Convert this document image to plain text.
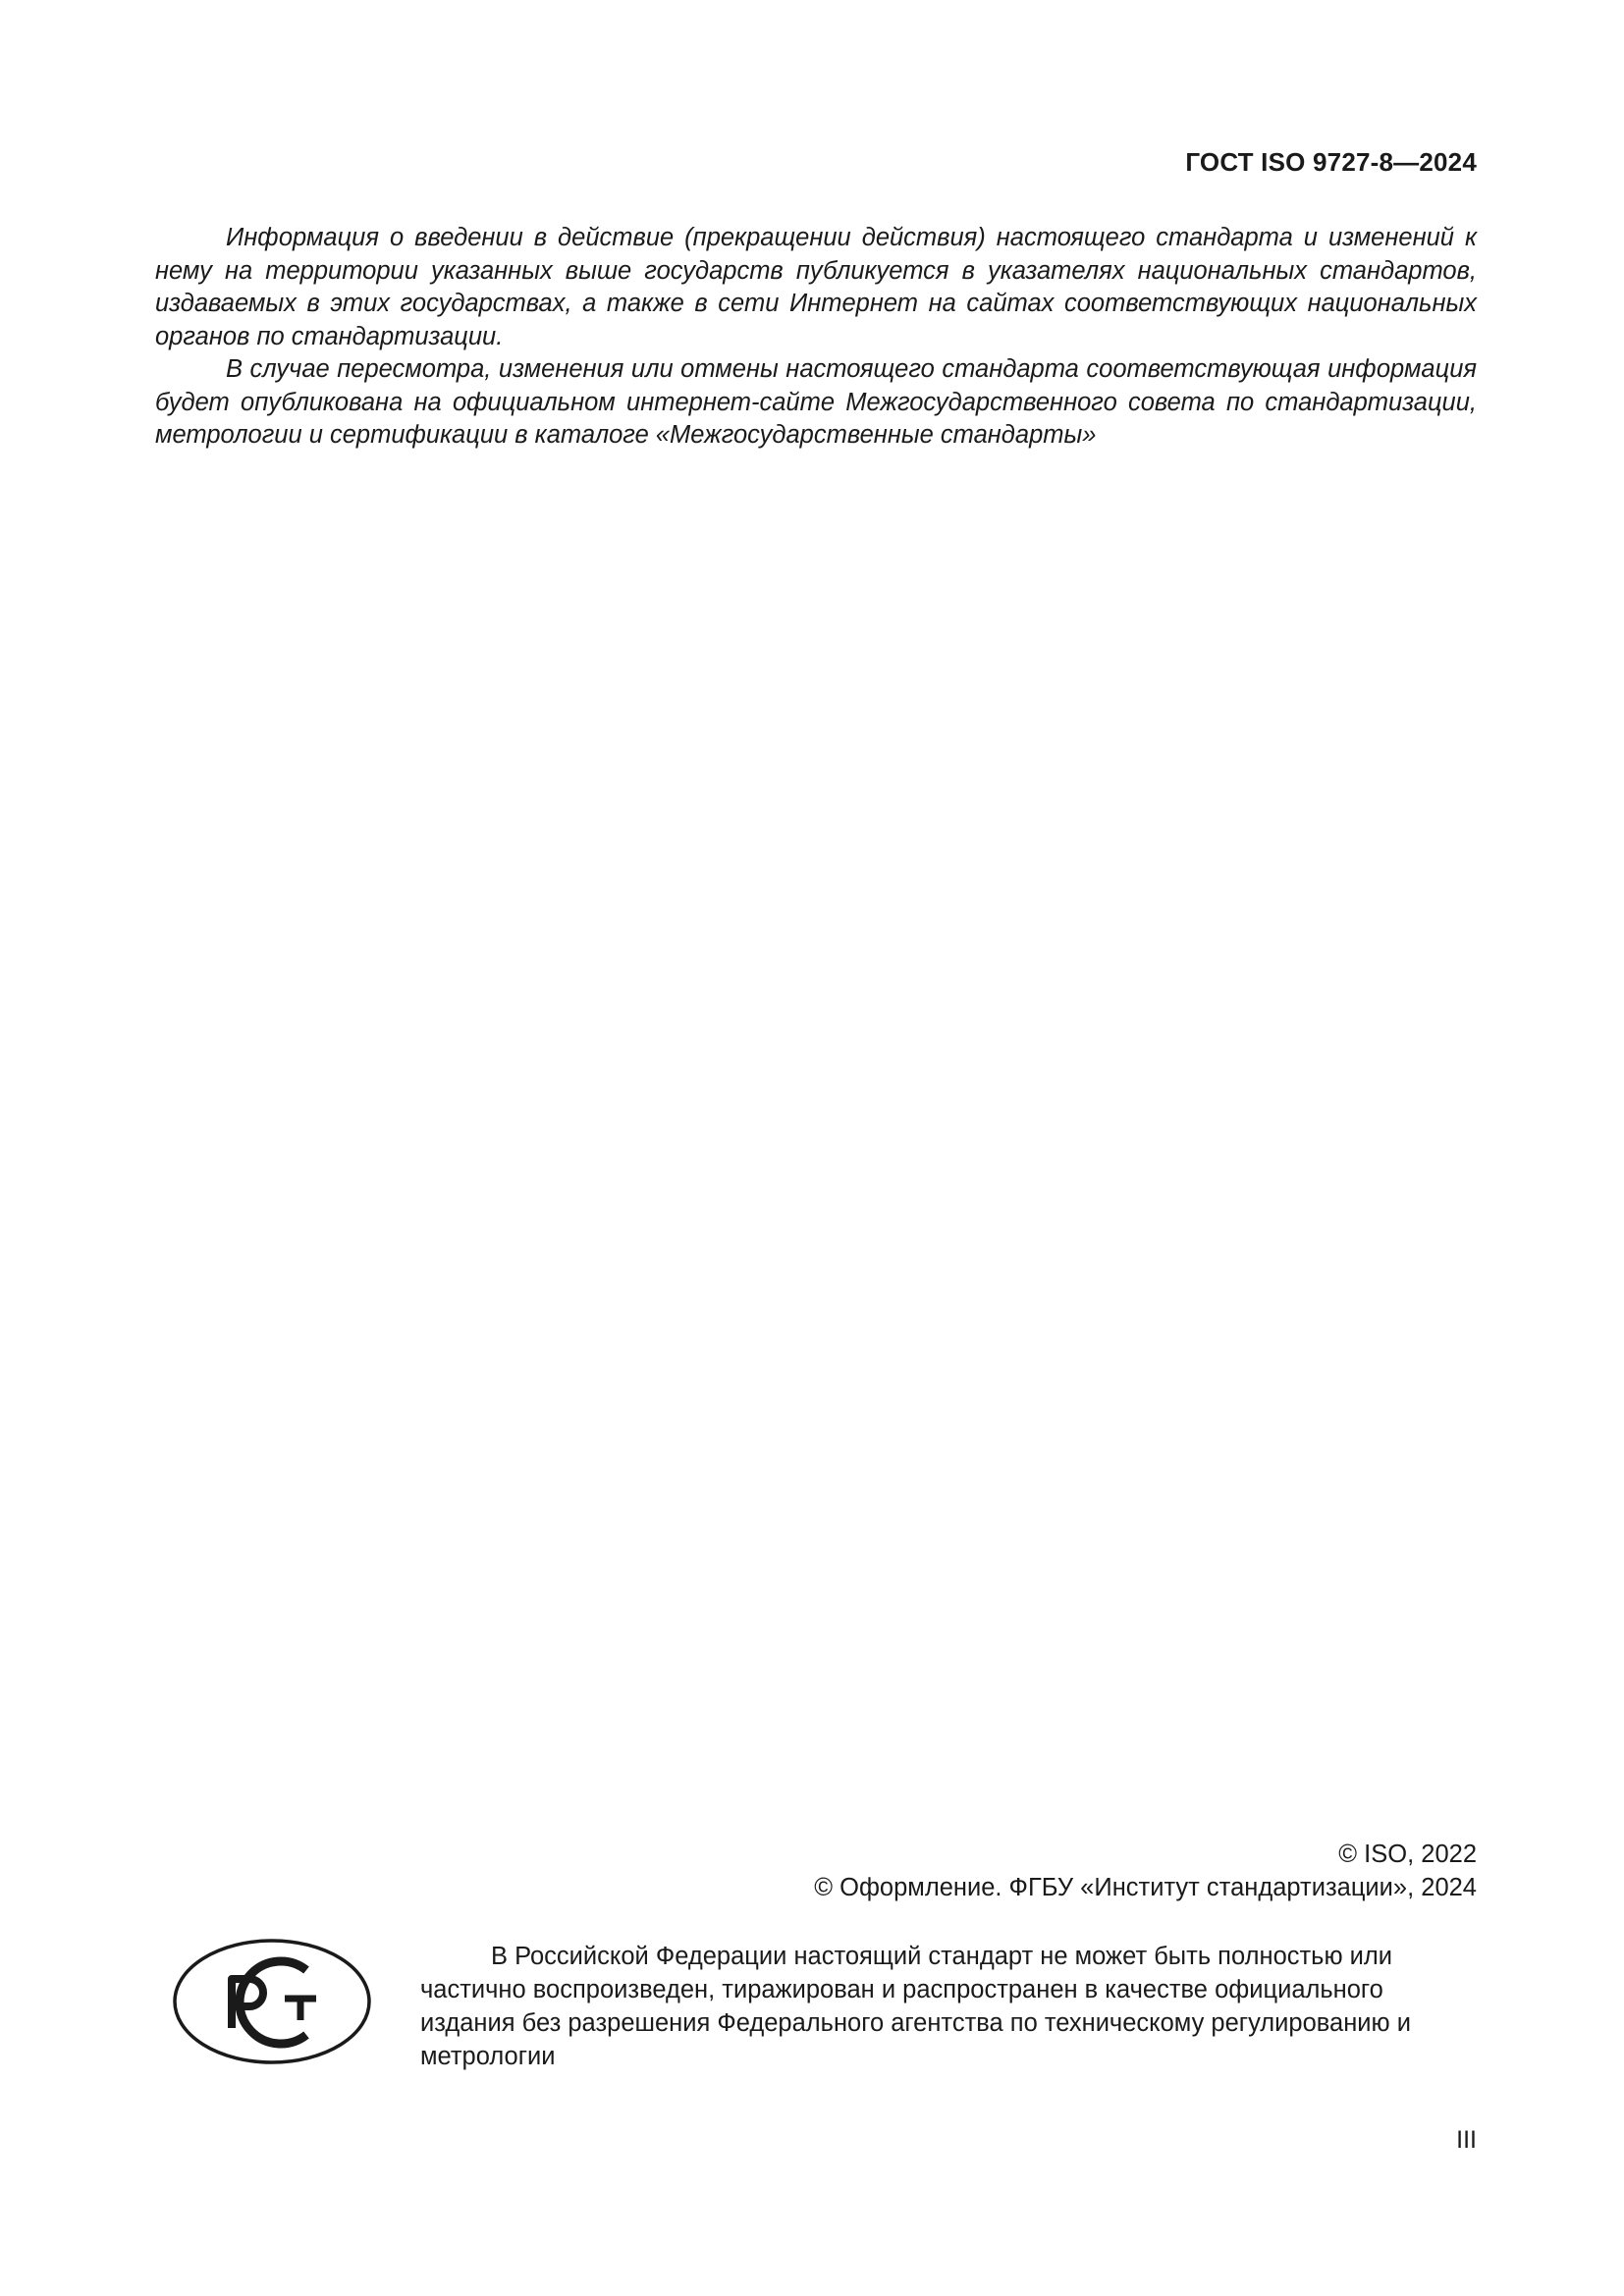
ГОСТ ISO 9727-8—2024

Информация о введении в действие (прекращении действия) настоящего стандарта и изменений к нему на территории указанных выше государств публикуется в указателях национальных стандартов, издаваемых в этих государствах, а также в сети Интернет на сайтах соответствующих национальных органов по стандартизации.

В случае пересмотра, изменения или отмены настоящего стандарта соответствующая информация будет опубликована на официальном интернет-сайте Межгосударственного совета по стандартизации, метрологии и сертификации в каталоге «Межгосударственные стандарты»

© ISO, 2022
© Оформление. ФГБУ «Институт стандартизации», 2024

В Российской Федерации настоящий стандарт не может быть полностью или частично воспроизведен, тиражирован и распространен в качестве официального издания без разрешения Федерального агентства по техническому регулированию и метрологии

III
